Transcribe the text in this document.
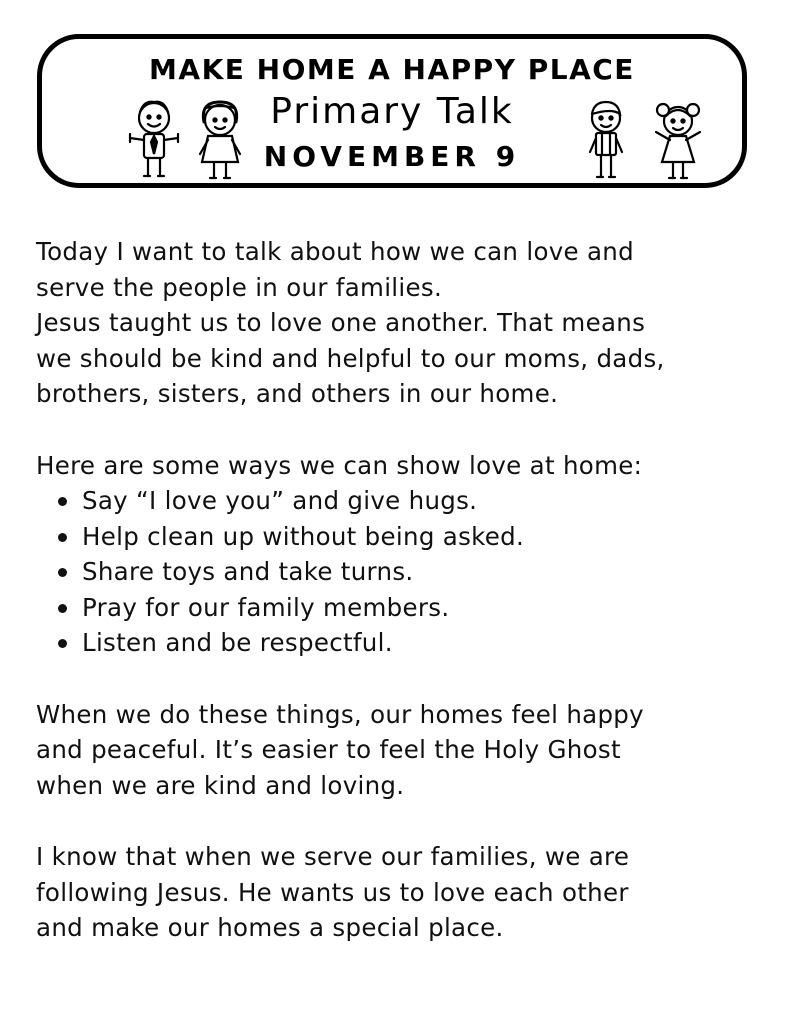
MAKE HOME A HAPPY PLACE
Primary Talk
NOVEMBER 9

Today I want to talk about how we can love and

serve the people in our families.

Jesus taught us to love one another. That means

we should be kind and helpful to our moms, dads,

brothers, sisters, and others in our home.

Here are some ways we can show love at home:

Say “I love you” and give hugs.
Help clean up without being asked.
Share toys and take turns.
Pray for our family members.
Listen and be respectful.

When we do these things, our homes feel happy

and peaceful. It’s easier to feel the Holy Ghost

when we are kind and loving.

I know that when we serve our families, we are

following Jesus. He wants us to love each other

and make our homes a special place.
